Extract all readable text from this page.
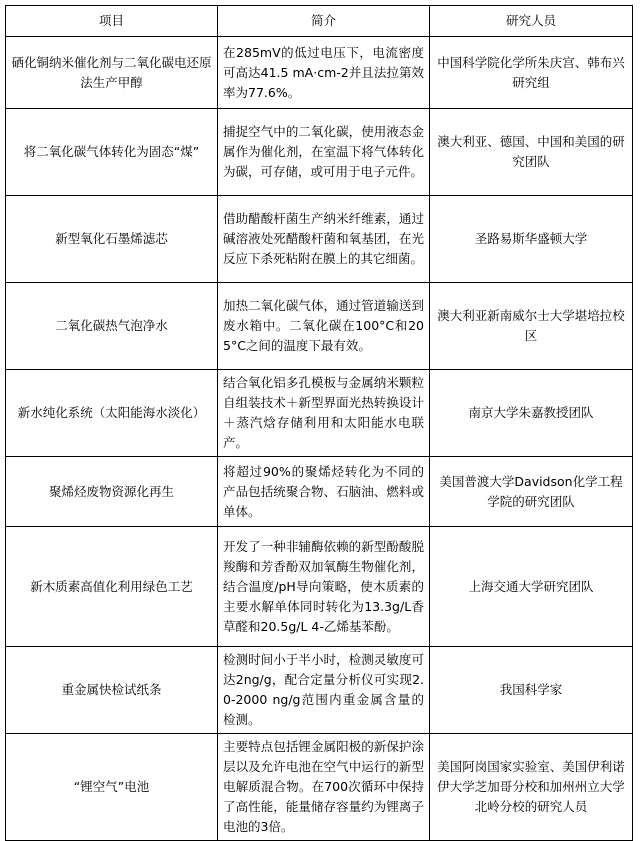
项目	简介	研究人员
硒化铜纳米催化剂与二氧化碳电还原法生产甲醇	在285mV的低过电压下，电流密度可高达41.5 mA·cm-2并且法拉第效率为77.6%。	中国科学院化学所朱庆宫、韩布兴研究组
将二氧化碳气体转化为固态“煤”	捕捉空气中的二氧化碳，使用液态金属作为催化剂，在室温下将气体转化为碳，可存储，或可用于电子元件。	澳大利亚、德国、中国和美国的研究团队
新型氧化石墨烯滤芯	借助醋酸杆菌生产纳米纤维素，通过碱溶液处死醋酸杆菌和氧基团，在光反应下杀死粘附在膜上的其它细菌。	圣路易斯华盛顿大学
二氧化碳热气泡净水	加热二氧化碳气体，通过管道输送到废水箱中。二氧化碳在100°C和205°C之间的温度下最有效。	澳大利亚新南威尔士大学堪培拉校区
新水纯化系统（太阳能海水淡化）	结合氧化铝多孔模板与金属纳米颗粒自组装技术＋新型界面光热转换设计＋蒸汽焓存储利用和太阳能水电联产。	南京大学朱嘉教授团队
聚烯烃废物资源化再生	将超过90%的聚烯烃转化为不同的产品包括统聚合物、石脑油、燃料或单体。	美国普渡大学Davidson化学工程学院的研究团队
新木质素高值化利用绿色工艺	开发了一种非辅酶依赖的新型酚酸脱羧酶和芳香酚双加氧酶生物催化剂，结合温度/pH导向策略，使木质素的主要水解单体同时转化为13.3g/L香草醛和20.5g/L 4-乙烯基苯酚。	上海交通大学研究团队
重金属快检试纸条	检测时间小于半小时，检测灵敏度可达2ng/g，配合定量分析仪可实现2.0-2000 ng/g范围内重金属含量的检测。	我国科学家
“锂空气”电池	主要特点包括锂金属阳极的新保护涂层以及允许电池在空气中运行的新型电解质混合物。在700次循环中保持了高性能，能量储存容量约为锂离子电池的3倍。	美国阿岗国家实验室、美国伊利诺伊大学芝加哥分校和加州州立大学北岭分校的研究人员
